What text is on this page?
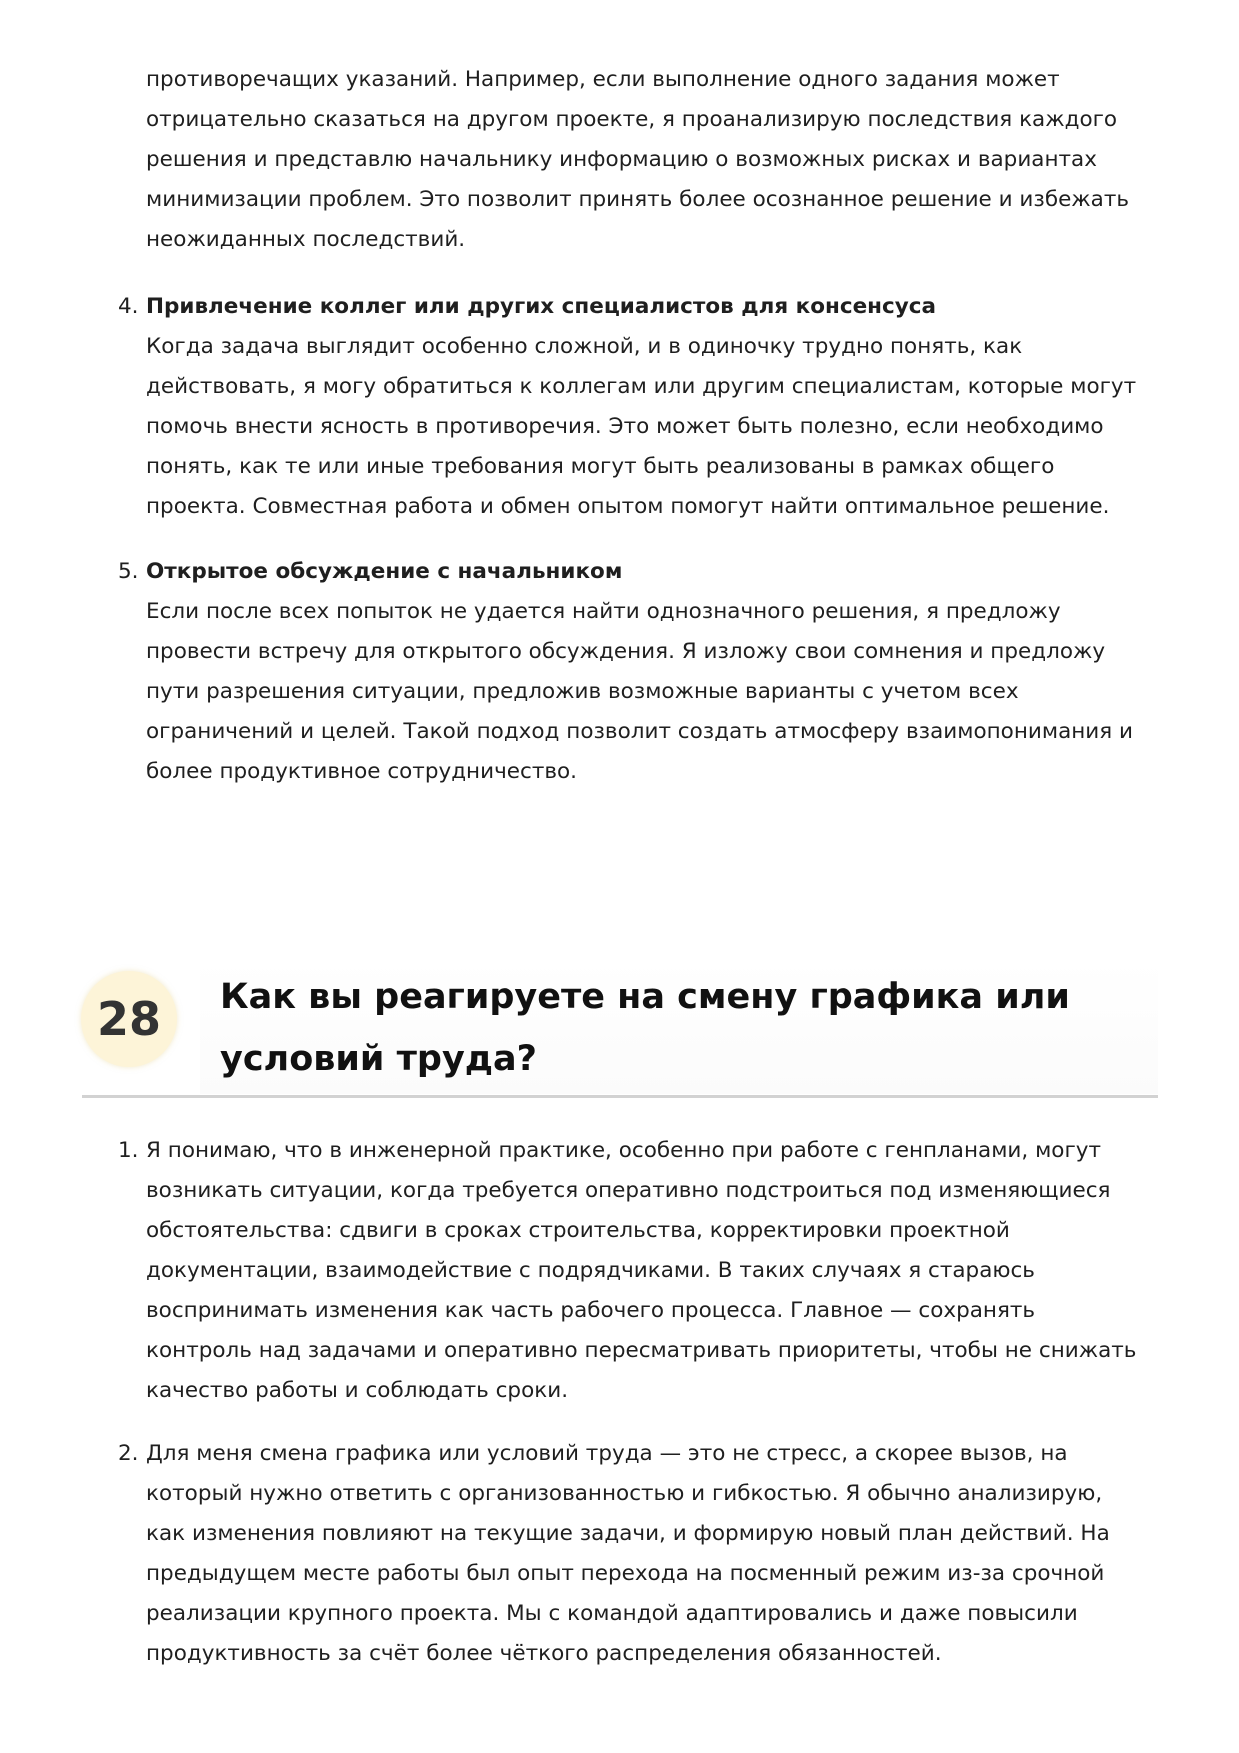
противоречащих указаний. Например, если выполнение одного задания может отрицательно сказаться на другом проекте, я проанализирую последствия каждого решения и представлю начальнику информацию о возможных рисках и вариантах минимизации проблем. Это позволит принять более осознанное решение и избежать неожиданных последствий.

4. Привлечение коллег или других специалистов для консенсуса
Когда задача выглядит особенно сложной, и в одиночку трудно понять, как действовать, я могу обратиться к коллегам или другим специалистам, которые могут помочь внести ясность в противоречия. Это может быть полезно, если необходимо понять, как те или иные требования могут быть реализованы в рамках общего проекта. Совместная работа и обмен опытом помогут найти оптимальное решение.

5. Открытое обсуждение с начальником
Если после всех попыток не удается найти однозначного решения, я предложу провести встречу для открытого обсуждения. Я изложу свои сомнения и предложу пути разрешения ситуации, предложив возможные варианты с учетом всех ограничений и целей. Такой подход позволит создать атмосферу взаимопонимания и более продуктивное сотрудничество.

28	Как вы реагируете на смену графика или условий труда?
1. Я понимаю, что в инженерной практике, особенно при работе с генпланами, могут возникать ситуации, когда требуется оперативно подстроиться под изменяющиеся обстоятельства: сдвиги в сроках строительства, корректировки проектной документации, взаимодействие с подрядчиками. В таких случаях я стараюсь воспринимать изменения как часть рабочего процесса. Главное — сохранять контроль над задачами и оперативно пересматривать приоритеты, чтобы не снижать качество работы и соблюдать сроки.

2. Для меня смена графика или условий труда — это не стресс, а скорее вызов, на который нужно ответить с организованностью и гибкостью. Я обычно анализирую, как изменения повлияют на текущие задачи, и формирую новый план действий. На предыдущем месте работы был опыт перехода на посменный режим из-за срочной реализации крупного проекта. Мы с командой адаптировались и даже повысили продуктивность за счёт более чёткого распределения обязанностей.
